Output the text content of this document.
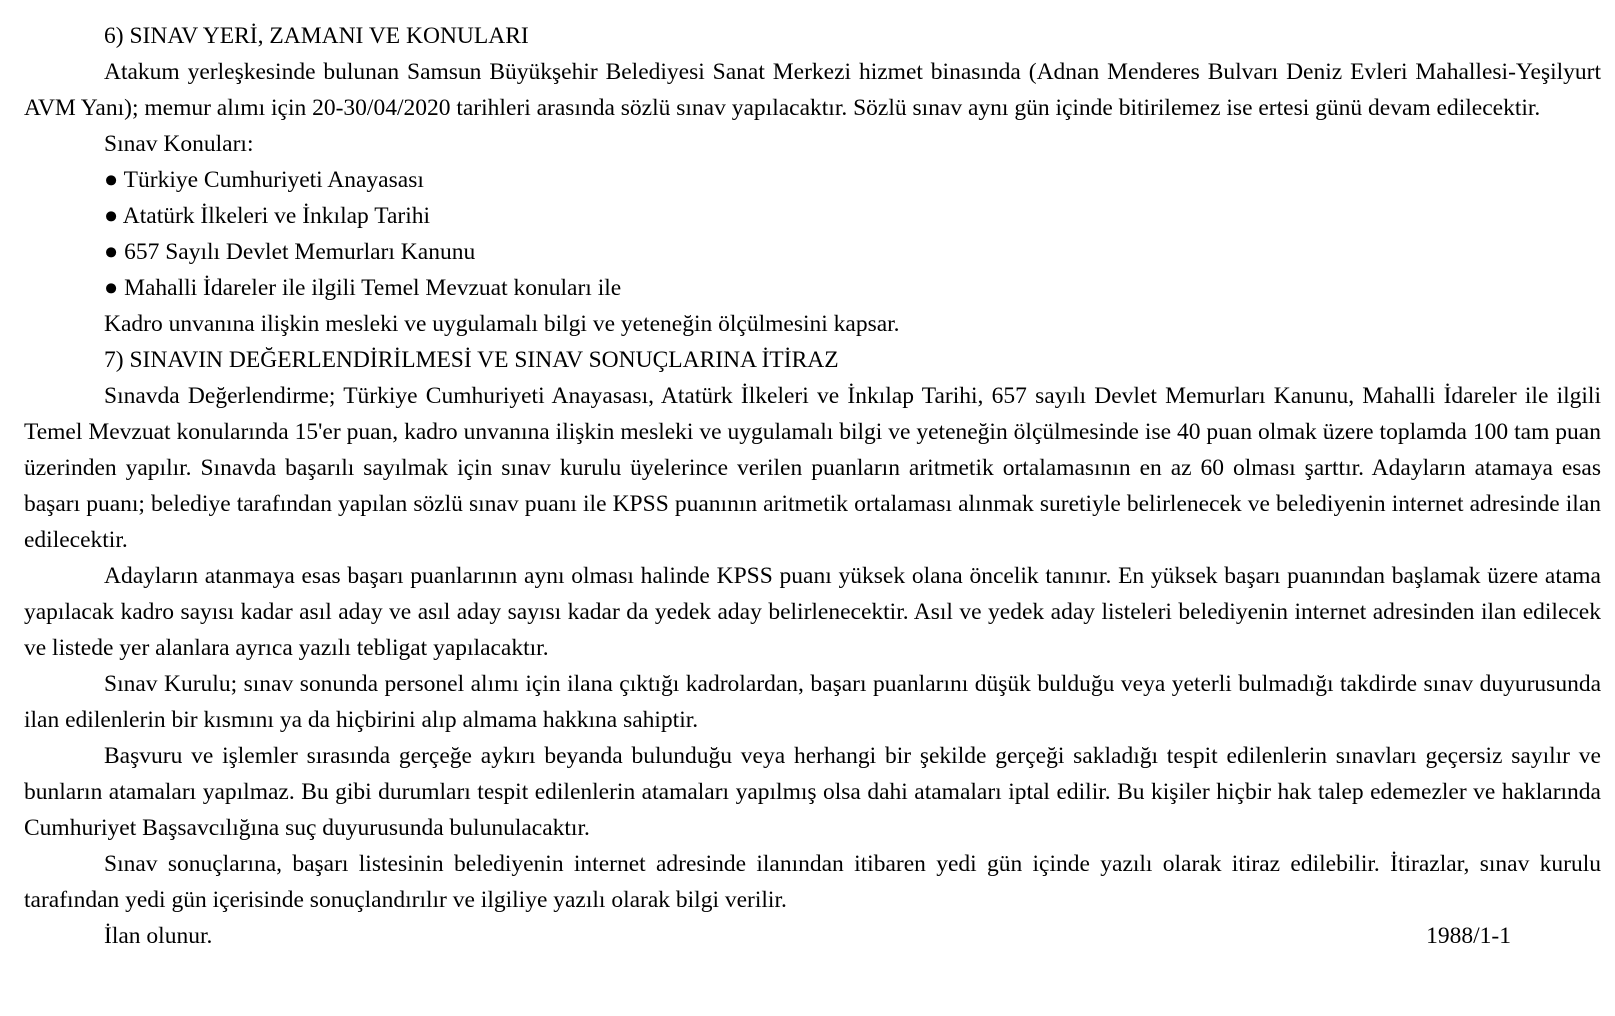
6) SINAV YERİ, ZAMANI VE KONULARI

Atakum yerleşkesinde bulunan Samsun Büyükşehir Belediyesi Sanat Merkezi hizmet binasında (Adnan Menderes Bulvarı Deniz Evleri Mahallesi-Yeşilyurt AVM Yanı); memur alımı için 20-30/04/2020 tarihleri arasında sözlü sınav yapılacaktır. Sözlü sınav aynı gün içinde bitirilemez ise ertesi günü devam edilecektir.

Sınav Konuları:

● Türkiye Cumhuriyeti Anayasası

● Atatürk İlkeleri ve İnkılap Tarihi

● 657 Sayılı Devlet Memurları Kanunu

● Mahalli İdareler ile ilgili Temel Mevzuat konuları ile

Kadro unvanına ilişkin mesleki ve uygulamalı bilgi ve yeteneğin ölçülmesini kapsar.

7) SINAVIN DEĞERLENDİRİLMESİ VE SINAV SONUÇLARINA İTİRAZ

Sınavda Değerlendirme; Türkiye Cumhuriyeti Anayasası, Atatürk İlkeleri ve İnkılap Tarihi, 657 sayılı Devlet Memurları Kanunu, Mahalli İdareler ile ilgili Temel Mevzuat konularında 15'er puan, kadro unvanına ilişkin mesleki ve uygulamalı bilgi ve yeteneğin ölçülmesinde ise 40 puan olmak üzere toplamda 100 tam puan üzerinden yapılır. Sınavda başarılı sayılmak için sınav kurulu üyelerince verilen puanların aritmetik ortalamasının en az 60 olması şarttır. Adayların atamaya esas başarı puanı; belediye tarafından yapılan sözlü sınav puanı ile KPSS puanının aritmetik ortalaması alınmak suretiyle belirlenecek ve belediyenin internet adresinde ilan edilecektir.

Adayların atanmaya esas başarı puanlarının aynı olması halinde KPSS puanı yüksek olana öncelik tanınır. En yüksek başarı puanından başlamak üzere atama yapılacak kadro sayısı kadar asıl aday ve asıl aday sayısı kadar da yedek aday belirlenecektir. Asıl ve yedek aday listeleri belediyenin internet adresinden ilan edilecek ve listede yer alanlara ayrıca yazılı tebligat yapılacaktır.

Sınav Kurulu; sınav sonunda personel alımı için ilana çıktığı kadrolardan, başarı puanlarını düşük bulduğu veya yeterli bulmadığı takdirde sınav duyurusunda ilan edilenlerin bir kısmını ya da hiçbirini alıp almama hakkına sahiptir.

Başvuru ve işlemler sırasında gerçeğe aykırı beyanda bulunduğu veya herhangi bir şekilde gerçeği sakladığı tespit edilenlerin sınavları geçersiz sayılır ve bunların atamaları yapılmaz. Bu gibi durumları tespit edilenlerin atamaları yapılmış olsa dahi atamaları iptal edilir. Bu kişiler hiçbir hak talep edemezler ve haklarında Cumhuriyet Başsavcılığına suç duyurusunda bulunulacaktır.

Sınav sonuçlarına, başarı listesinin belediyenin internet adresinde ilanından itibaren yedi gün içinde yazılı olarak itiraz edilebilir. İtirazlar, sınav kurulu tarafından yedi gün içerisinde sonuçlandırılır ve ilgiliye yazılı olarak bilgi verilir.

İlan olunur.	1988/1-1
